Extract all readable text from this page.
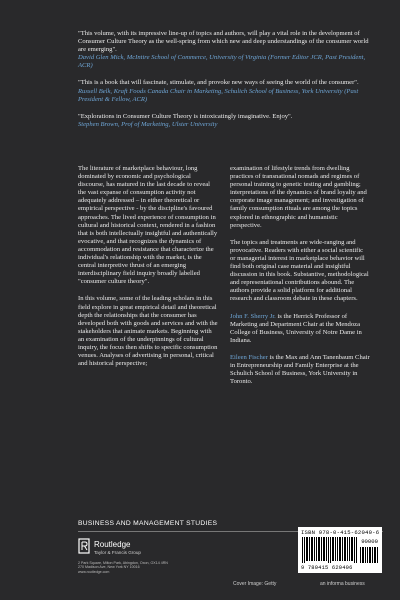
"This volume, with its impressive line-up of topics and authors, will play a vital role in the development of Consumer Culture Theory as the well-spring from which new and deep understandings of the consumer world are emerging".
David Glen Mick, McIntire School of Commerce, University of Virginia (Former Editor JCR, Past President, ACR)
"This is a book that will fascinate, stimulate, and provoke new ways of seeing the world of the consumer".
Russell Belk, Kraft Foods Canada Chair in Marketing, Schulich School of Business, York University (Past President & Fellow, ACR)
"Explorations in Consumer Culture Theory is intoxicatingly imaginative. Enjoy".
Stephen Brown, Prof of Marketing, Ulster University

The literature of marketplace behaviour, long dominated by economic and psychological discourse, has matured in the last decade to reveal the vast expanse of consumption activity not adequately addressed – in either theoretical or empirical perspective - by the discipline's favoured approaches. The lived experience of consumption in cultural and historical context, rendered in a fashion that is both intellectually insightful and authentically evocative, and that recognizes the dynamics of accommodation and resistance that characterize the individual's relationship with the market, is the central interpretive thrust of an emerging interdisciplinary field inquiry broadly labelled "consumer culture theory".

In this volume, some of the leading scholars in this field explore in great empirical detail and theoretical depth the relationships that the consumer has developed both with goods and services and with the stakeholders that animate markets. Beginning with an examination of the underpinnings of cultural inquiry, the focus then shifts to specific consumption venues. Analyses of advertising in personal, critical and historical perspective;

examination of lifestyle trends from dwelling practices of transnational nomads and regimes of personal training to genetic testing and gambling; interpretations of the dynamics of brand loyalty and corporate image management; and investigation of family consumption rituals are among the topics explored in ethnographic and humanistic perspective.

The topics and treatments are wide-ranging and provocative. Readers with either a social scientific or managerial interest in marketplace behavior will find both original case material and insightful discussion in this book. Substantive, methodological and representational contributions abound. The authors provide a solid platform for additional research and classroom debate in these chapters.

John F. Sherry Jr. is the Herrick Professor of Marketing and Department Chair at the Mendoza College of Business, University of Notre Dame in Indiana.

Eileen Fischer is the Max and Ann Tanenbaum Chair in Entrepreneurship and Family Enterprise at the Schulich School of Business, York University in Toronto.

BUSINESS AND MANAGEMENT STUDIES
Routledge
Taylor & Francis Group
2 Park Square, Milton Park, Abingdon, Oxon, OX14 4RN 270 Madison Ave, New York NY 10016 www.routledge.com
Cover Image: Getty	an informa business
ISBN 978-0-415-62040-6
90000
9 780415 620406
